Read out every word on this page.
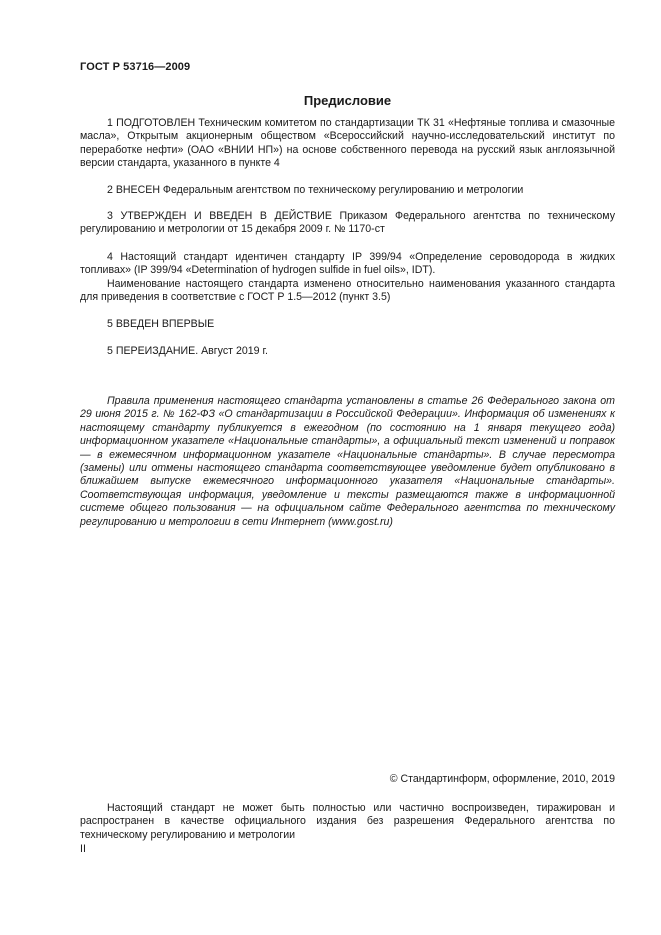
ГОСТ Р 53716—2009
Предисловие

1 ПОДГОТОВЛЕН Техническим комитетом по стандартизации ТК 31 «Нефтяные топлива и смазочные масла», Открытым акционерным обществом «Всероссийский научно-исследовательский институт по переработке нефти» (ОАО «ВНИИ НП») на основе собственного перевода на русский язык англоязычной версии стандарта, указанного в пункте 4

2 ВНЕСЕН Федеральным агентством по техническому регулированию и метрологии

3 УТВЕРЖДЕН И ВВЕДЕН В ДЕЙСТВИЕ Приказом Федерального агентства по техническому регулированию и метрологии от 15 декабря 2009 г. № 1170-ст

4 Настоящий стандарт идентичен стандарту IP 399/94 «Определение сероводорода в жидких топливах» (IP 399/94 «Determination of hydrogen sulfide in fuel oils», IDT).

Наименование настоящего стандарта изменено относительно наименования указанного стандарта для приведения в соответствие с ГОСТ Р 1.5—2012 (пункт 3.5)

5 ВВЕДЕН ВПЕРВЫЕ

5 ПЕРЕИЗДАНИЕ. Август 2019 г.

Правила применения настоящего стандарта установлены в статье 26 Федерального закона от 29 июня 2015 г. № 162-ФЗ «О стандартизации в Российской Федерации». Информация об изменениях к настоящему стандарту публикуется в ежегодном (по состоянию на 1 января текущего года) информационном указателе «Национальные стандарты», а официальный текст изменений и поправок — в ежемесячном информационном указателе «Национальные стандарты». В случае пересмотра (замены) или отмены настоящего стандарта соответствующее уведомление будет опубликовано в ближайшем выпуске ежемесячного информационного указателя «Национальные стандарты». Соответствующая информация, уведомление и тексты размещаются также в информационной системе общего пользования — на официальном сайте Федерального агентства по техническому регулированию и метрологии в сети Интернет (www.gost.ru)

© Стандартинформ, оформление, 2010, 2019

Настоящий стандарт не может быть полностью или частично воспроизведен, тиражирован и распространен в качестве официального издания без разрешения Федерального агентства по техническому регулированию и метрологии

II
